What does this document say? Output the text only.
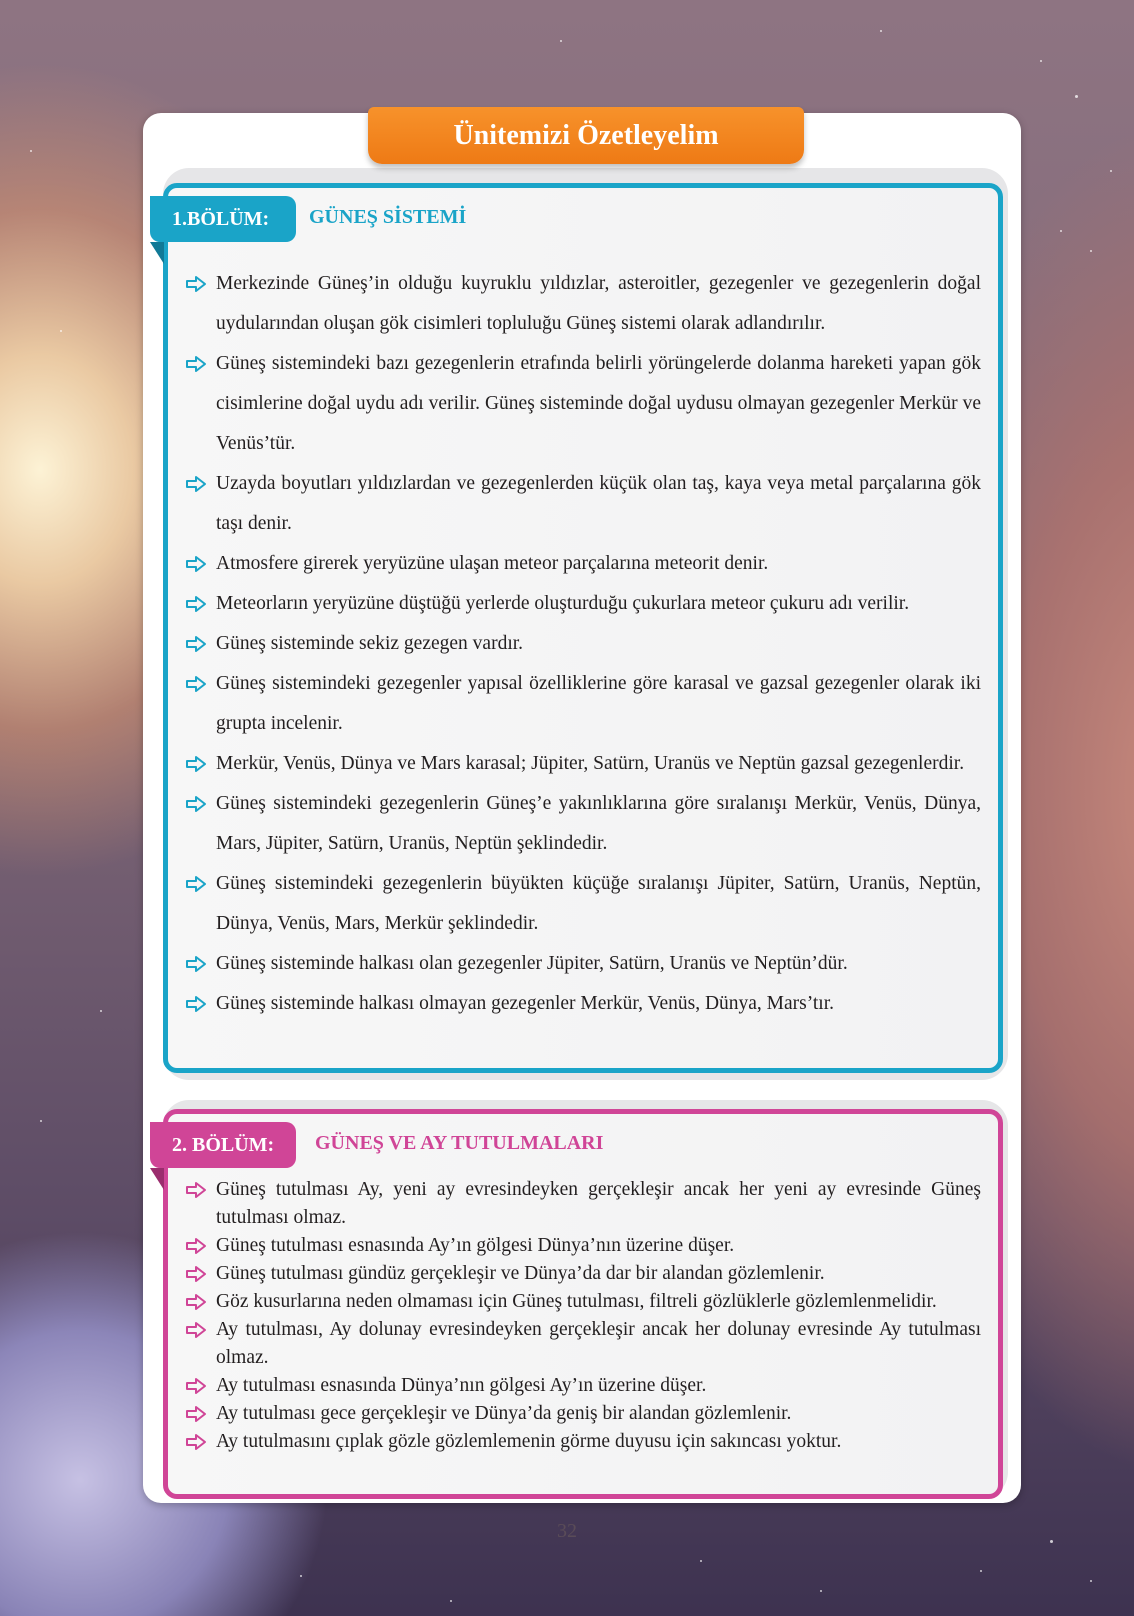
1.BÖLÜM:	GÜNEŞ SİSTEMİ
Merkezinde Güneş’in olduğu kuyruklu yıldızlar, asteroitler, gezegenler ve gezegenlerin doğal uydularından oluşan gök cisimleri topluluğu Güneş sistemi olarak adlandırılır.
Güneş sistemindeki bazı gezegenlerin etrafında belirli yörüngelerde dolanma hareketi yapan gök cisimlerine doğal uydu adı verilir. Güneş sisteminde doğal uydusu olmayan gezegenler Merkür ve Venüs’tür.
Uzayda boyutları yıldızlardan ve gezegenlerden küçük olan taş, kaya veya metal parçalarına gök taşı denir.
Atmosfere girerek yeryüzüne ulaşan meteor parçalarına meteorit denir.
Meteorların yeryüzüne düştüğü yerlerde oluşturduğu çukurlara meteor çukuru adı verilir.
Güneş sisteminde sekiz gezegen vardır.
Güneş sistemindeki gezegenler yapısal özelliklerine göre karasal ve gazsal gezegenler olarak iki grupta incelenir.
Merkür, Venüs, Dünya ve Mars karasal; Jüpiter, Satürn, Uranüs ve Neptün gazsal gezegenlerdir.
Güneş sistemindeki gezegenlerin Güneş’e yakınlıklarına göre sıralanışı Merkür, Venüs, Dünya, Mars, Jüpiter, Satürn, Uranüs, Neptün şeklindedir.
Güneş sistemindeki gezegenlerin büyükten küçüğe sıralanışı Jüpiter, Satürn, Uranüs, Neptün, Dünya, Venüs, Mars, Merkür şeklindedir.
Güneş sisteminde halkası olan gezegenler Jüpiter, Satürn, Uranüs ve Neptün’dür.
Güneş sisteminde halkası olmayan gezegenler Merkür, Venüs, Dünya, Mars’tır.
2. BÖLÜM:	GÜNEŞ VE AY TUTULMALARI
Güneş tutulması Ay, yeni ay evresindeyken gerçekleşir ancak her yeni ay evresinde Güneş tutulması olmaz.
Güneş tutulması esnasında Ay’ın gölgesi Dünya’nın üzerine düşer.
Güneş tutulması gündüz gerçekleşir ve Dünya’da dar bir alandan gözlemlenir.
Göz kusurlarına neden olmaması için Güneş tutulması, filtreli gözlüklerle gözlemlenmelidir.
Ay tutulması, Ay dolunay evresindeyken gerçekleşir ancak her dolunay evresinde Ay tutulması olmaz.
Ay tutulması esnasında Dünya’nın gölgesi Ay’ın üzerine düşer.
Ay tutulması gece gerçekleşir ve Dünya’da geniş bir alandan gözlemlenir.
Ay tutulmasını çıplak gözle gözlemlemenin görme duyusu için sakıncası yoktur.
Ünitemizi Özetleyelim
32
